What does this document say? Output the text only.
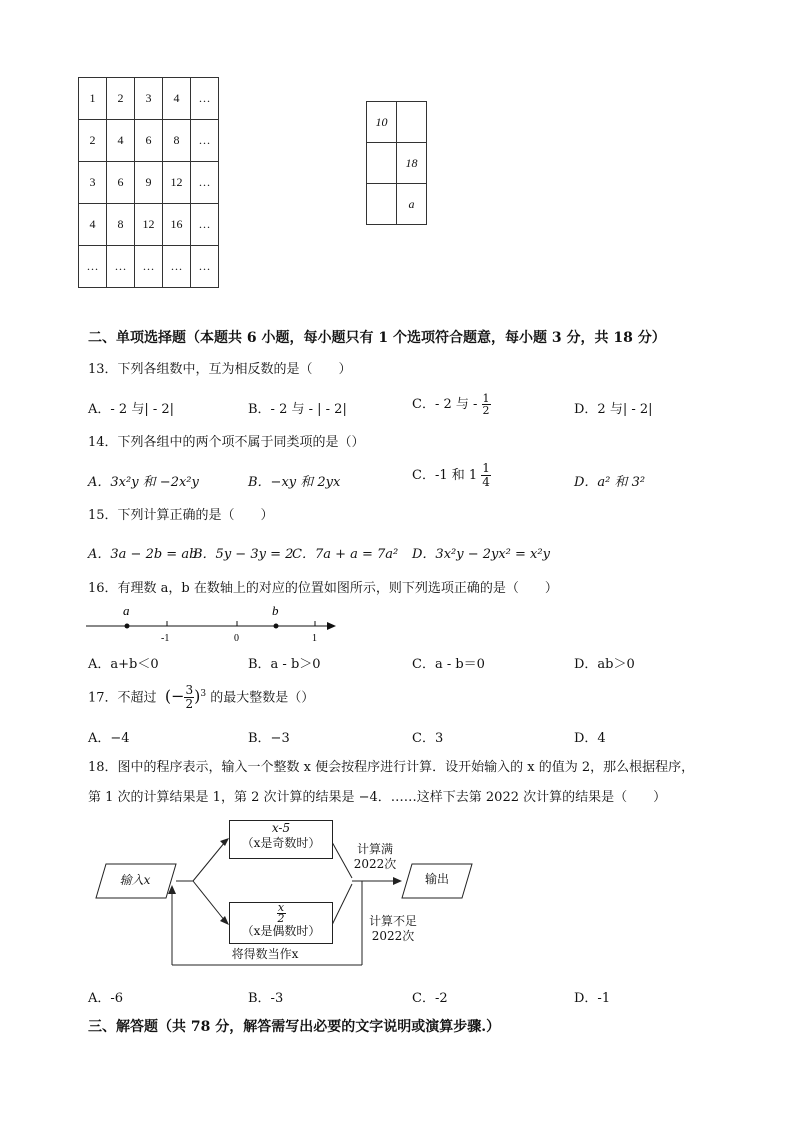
1	2	3	4	…
2	4	6	8	…
3	6	9	12	…
4	8	12	16	…
…	…	…	…	…
10	
	18
	a
二、单项选择题（本题共 6 小题，每小题只有 1 个选项符合题意，每小题 3 分，共 18 分）
13．下列各组数中，互为相反数的是（　　）
A．- 2 与| - 2|	B．- 2 与 - | - 2|	C．- 2 与 - $\frac{1}{2}$	D．2 与| - 2|
14．下列各组中的两个项不属于同类项的是（）
A．3x²y 和 −2x²y	B．−xy 和 2yx	C．-1 和 $1 \frac{1}{4}$	D．a² 和 3²
15．下列计算正确的是（　　）
A．3a − 2b = ab
B．5y − 3y = 2
C．7a + a = 7a² D．3x²y − 2yx² = x²y
16．有理数 a，b 在数轴上的对应的位置如图所示，则下列选项正确的是（　　）
a	b
-1	0	1
A．a+b＜0	B．a - b＞0	C．a - b＝0	D．ab＞0
17．不超过 (− $\frac{3}{2} )^3$ 的最大整数是（）
A．−4	B．−3	C．3	D．4
18．图中的程序表示，输入一个整数 x 便会按程序进行计算．设开始输入的 x 的值为 2，那么根据程序，
第 1 次的计算结果是 1，第 2 次计算的结果是 −4．……这样下去第 2022 次计算的结果是（　　）
输入x
x-5
（x是奇数时）
$\frac{x}{2}$
（x是偶数时）
计算满
2022次
输出
计算不足
2022次
将得数当作x
A．-6	B．-3	C．-2	D．-1
三、解答题（共 78 分，解答需写出必要的文字说明或演算步骤.）
